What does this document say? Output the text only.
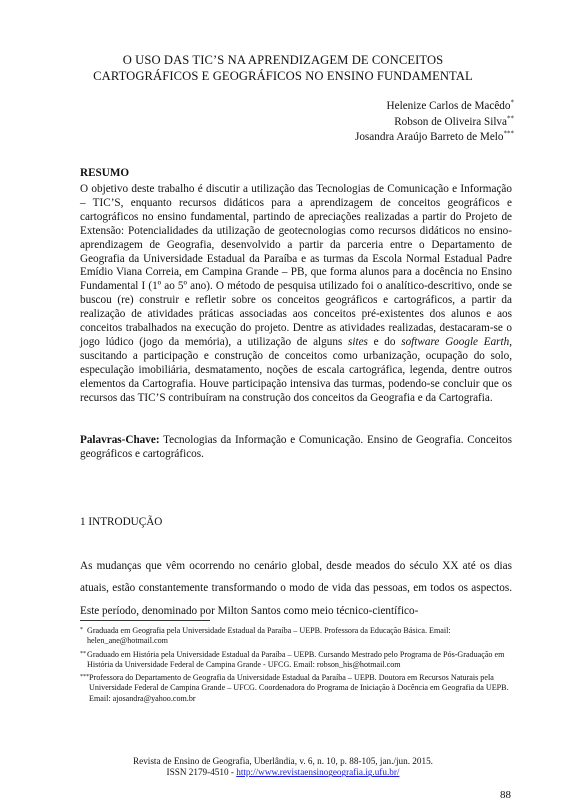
O USO DAS TIC’S NA APRENDIZAGEM DE CONCEITOS
CARTOGRÁFICOS E GEOGRÁFICOS NO ENSINO FUNDAMENTAL
Helenize Carlos de Macêdo*
Robson de Oliveira Silva**
Josandra Araújo Barreto de Melo***
RESUMO
O objetivo deste trabalho é discutir a utilização das Tecnologias de Comunicação e Informação – TIC’S, enquanto recursos didáticos para a aprendizagem de conceitos geográficos e cartográficos no ensino fundamental, partindo de apreciações realizadas a partir do Projeto de Extensão: Potencialidades da utilização de geotecnologias como recursos didáticos no ensino-aprendizagem de Geografia, desenvolvido a partir da parceria entre o Departamento de Geografia da Universidade Estadual da Paraíba e as turmas da Escola Normal Estadual Padre Emídio Viana Correia, em Campina Grande – PB, que forma alunos para a docência no Ensino Fundamental I (1º ao 5º ano). O método de pesquisa utilizado foi o analítico-descritivo, onde se buscou (re) construir e refletir sobre os conceitos geográficos e cartográficos, a partir da realização de atividades práticas associadas aos conceitos pré-existentes dos alunos e aos conceitos trabalhados na execução do projeto. Dentre as atividades realizadas, destacaram-se o jogo lúdico (jogo da memória), a utilização de alguns sites e do software Google Earth, suscitando a participação e construção de conceitos como urbanização, ocupação do solo, especulação imobiliária, desmatamento, noções de escala cartográfica, legenda, dentre outros elementos da Cartografia. Houve participação intensiva das turmas, podendo-se concluir que os recursos das TIC’S contribuíram na construção dos conceitos da Geografia e da Cartografia.
Palavras-Chave: Tecnologias da Informação e Comunicação. Ensino de Geografia. Conceitos geográficos e cartográficos.
1 INTRODUÇÃO
As mudanças que vêm ocorrendo no cenário global, desde meados do século XX até os dias atuais, estão constantemente transformando o modo de vida das pessoas, em todos os aspectos. Este período, denominado por Milton Santos como meio técnico-científico-
* Graduada em Geografia pela Universidade Estadual da Paraíba – UEPB. Professora da Educação Básica. Email: helen_ane@hotmail.com
** Graduado em História pela Universidade Estadual da Paraíba – UEPB. Cursando Mestrado pelo Programa de Pós-Graduação em História da Universidade Federal de Campina Grande - UFCG. Email: robson_his@hotmail.com
*** Professora do Departamento de Geografia da Universidade Estadual da Paraíba – UEPB. Doutora em Recursos Naturais pela Universidade Federal de Campina Grande – UFCG. Coordenadora do Programa de Iniciação à Docência em Geografia da UEPB. Email: ajosandra@yahoo.com.br
Revista de Ensino de Geografia, Uberlândia, v. 6, n. 10, p. 88-105, jan./jun. 2015.
ISSN 2179-4510 - http://www.revistaensinogeografia.ig.ufu.br/
88
